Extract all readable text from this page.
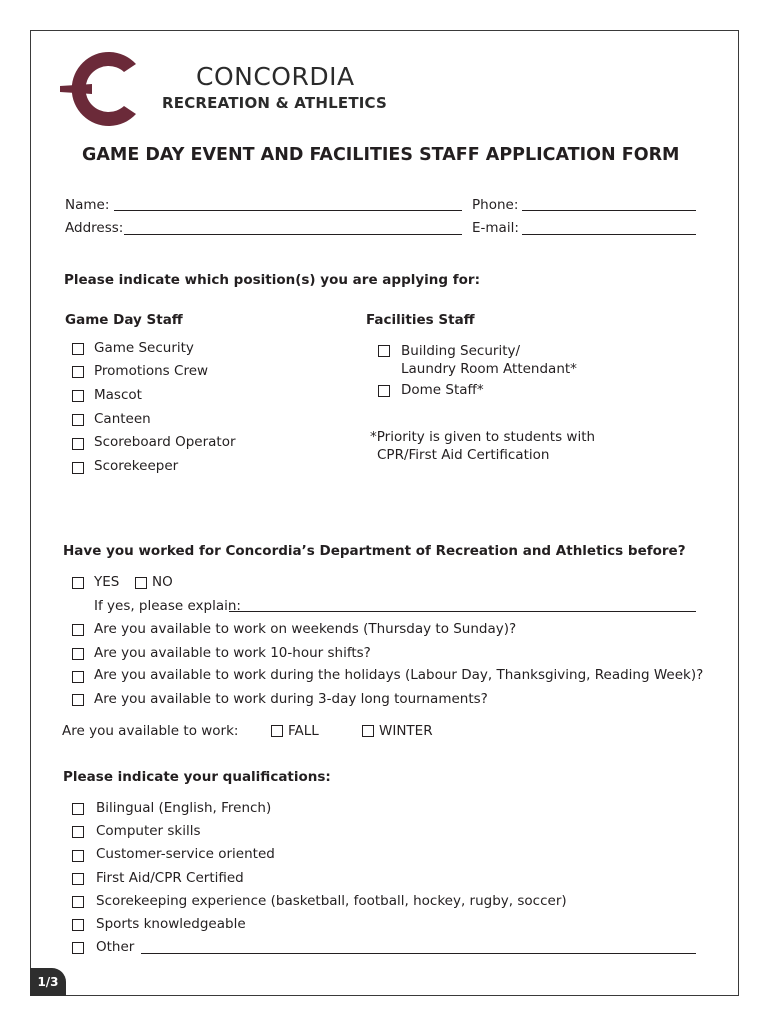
CONCORDIA
RECREATION & ATHLETICS
GAME DAY EVENT AND FACILITIES STAFF APPLICATION FORM
Name:	Phone:
Address:	E-mail:
Please indicate which position(s) you are applying for:
Game Day Staff	Facilities Staff
Game Security
Promotions Crew
Mascot
Canteen
Scoreboard Operator
Scorekeeper
Building Security/
Laundry Room Attendant*
Dome Staff*
*Priority is given to students with
CPR/First Aid Certification
Have you worked for Concordia’s Department of Recreation and Athletics before?
YES NO
If yes, please explain:
Are you available to work on weekends (Thursday to Sunday)?
Are you available to work 10-hour shifts?
Are you available to work during the holidays (Labour Day, Thanksgiving, Reading Week)?
Are you available to work during 3-day long tournaments?
Are you available to work:	FALL	WINTER
Please indicate your qualifications:
Bilingual (English, French)
Computer skills
Customer-service oriented
First Aid/CPR Certified
Scorekeeping experience (basketball, football, hockey, rugby, soccer)
Sports knowledgeable
Other
1/3
